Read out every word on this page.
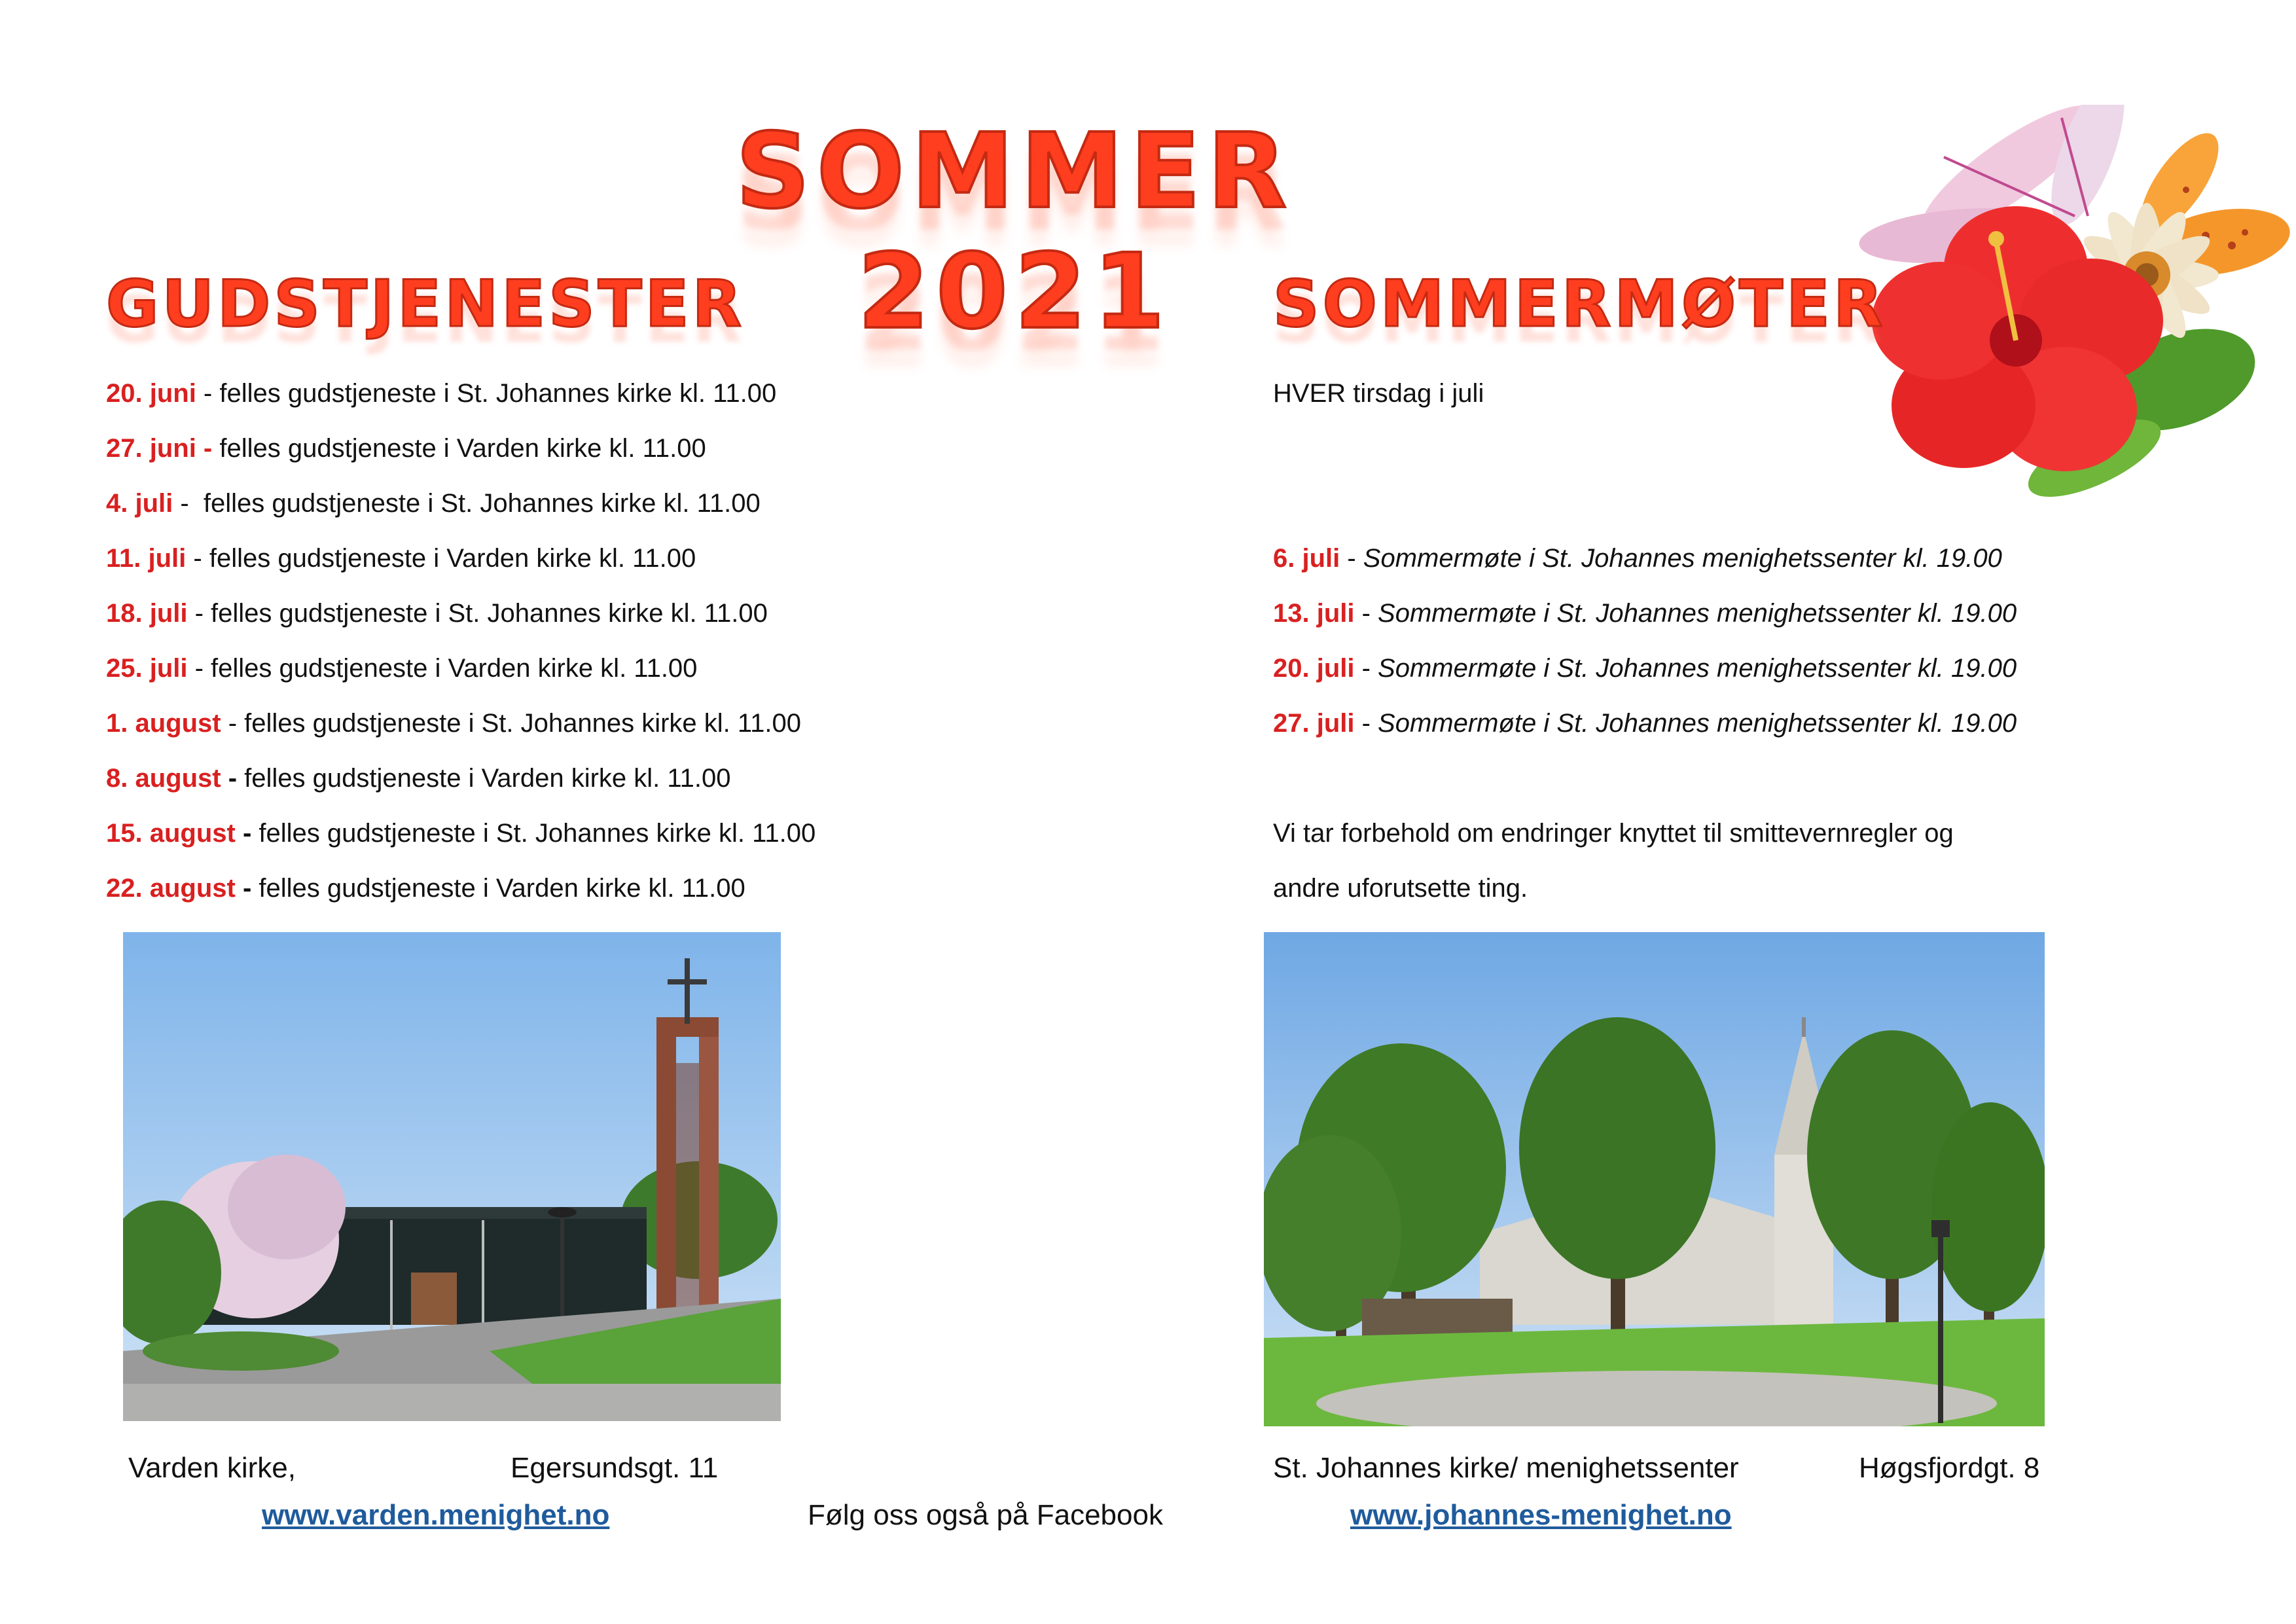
SOMMER 2021
GUDSTJENESTER
20. juni - felles gudstjeneste i St. Johannes kirke kl. 11.00
27. juni - felles gudstjeneste i Varden kirke kl. 11.00
4. juli -  felles gudstjeneste i St. Johannes kirke kl. 11.00
11. juli - felles gudstjeneste i Varden kirke kl. 11.00
18. juli - felles gudstjeneste i St. Johannes kirke kl. 11.00
25. juli - felles gudstjeneste i Varden kirke kl. 11.00
1. august - felles gudstjeneste i St. Johannes kirke kl. 11.00
8. august - felles gudstjeneste i Varden kirke kl. 11.00
15. august - felles gudstjeneste i St. Johannes kirke kl. 11.00
22. august - felles gudstjeneste i Varden kirke kl. 11.00
SOMMERMØTER
HVER tirsdag i juli
6. juli - Sommermøte i St. Johannes menighetssenter kl. 19.00
13. juli - Sommermøte i St. Johannes menighetssenter kl. 19.00
20. juli - Sommermøte i St. Johannes menighetssenter kl. 19.00
27. juli - Sommermøte i St. Johannes menighetssenter kl. 19.00
Vi tar forbehold om endringer knyttet til smittevernregler og
andre uforutsette ting.
Varden kirke,	Egersundsgt. 11
www.varden.menighet.no	Følg oss også på Facebook
St. Johannes kirke/ menighetssenter	Høgsfjordgt. 8
www.johannes-menighet.no
